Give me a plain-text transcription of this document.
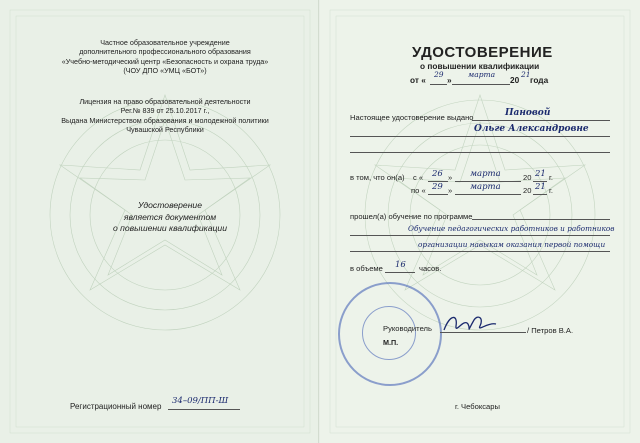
Частное образовательное учреждение
дополнительного профессионального образования
«Учебно-методический центр «Безопасность и охрана труда»
(ЧОУ ДПО «УМЦ «БОТ»)
Лицензия на право образовательной деятельности
Рег.№ 839 от 25.10.2017 г.,
Выдана Министерством образования и молодежной политики
Чувашской Республики
Удостоверение
является документом
о повышении квалификации
Регистрационный номер
34–09/ПП-Ш
УДОСТОВЕРЕНИЕ
о повышении квалификации
от «
29
»
марта
20
21
года
Настоящее удостоверение выдано	Пановой
Ольге Александровне
в том, что он(а) с « 26 » марта	20 21 г.
по « 29 » марта	20 21 г.
прошел(а) обучение по программе
Обучение педагогических работников и работников
организации навыкам оказания первой помощи
в объеме 16 часов.
Руководитель
М.П.
/ Петров В.А.
г. Чебоксары
